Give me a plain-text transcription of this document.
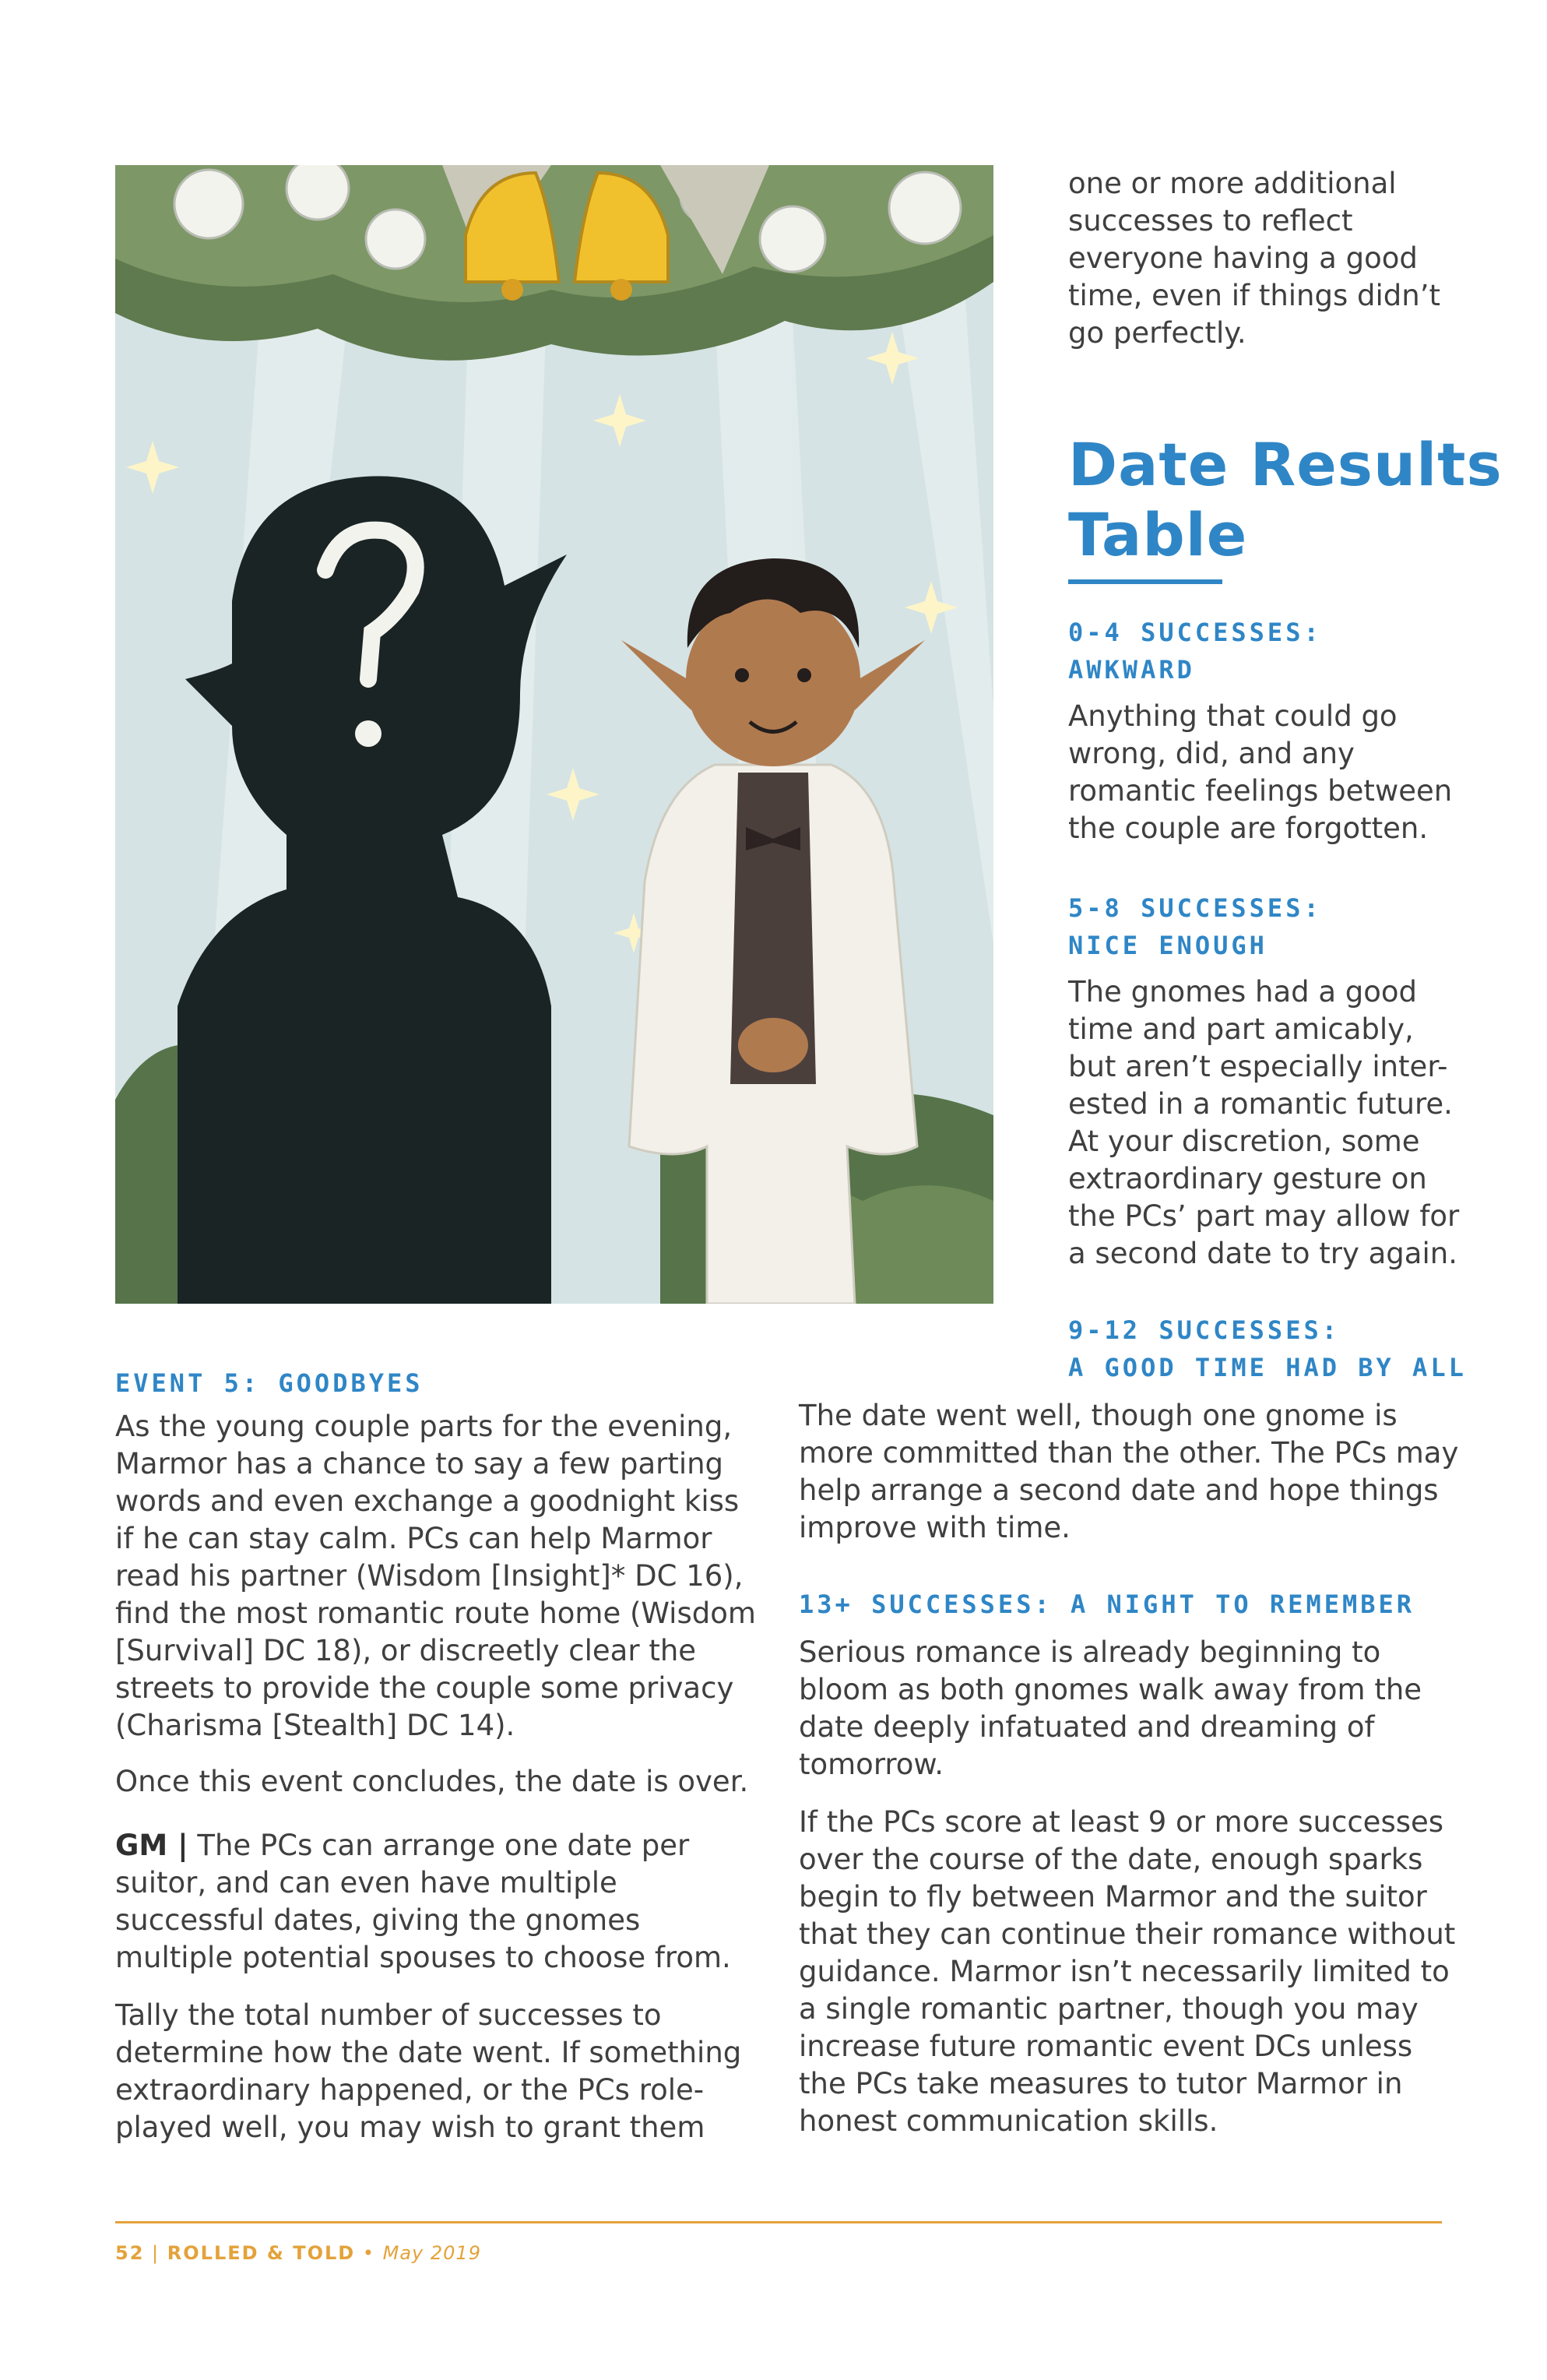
one or more additional successes to reflect everyone having a good time, even if things didn’t go perfectly.

Date Results Table

0-4 SUCCESSES:

AWKWARD

Anything that could go wrong, did, and any romantic feelings between the couple are forgotten.

5-8 SUCCESSES:

NICE ENOUGH

The gnomes had a good time and part amicably, but aren’t especially inter-ested in a romantic future. At your discretion, some extraordinary gesture on the PCs’ part may allow for a second date to try again.

9-12 SUCCESSES:

A GOOD TIME HAD BY ALL

EVENT 5: GOODBYES

As the young couple parts for the evening, Marmor has a chance to say a few parting words and even exchange a goodnight kiss if he can stay calm. PCs can help Marmor read his partner (Wisdom [Insight]* DC 16), find the most romantic route home (Wisdom [Survival] DC 18), or discreetly clear the streets to provide the couple some privacy (Charisma [Stealth] DC 14).

Once this event concludes, the date is over.

GM | The PCs can arrange one date per suitor, and can even have multiple successful dates, giving the gnomes multiple potential spouses to choose from.

Tally the total number of successes to determine how the date went. If something extraordinary happened, or the PCs role-played well, you may wish to grant them

The date went well, though one gnome is more committed than the other. The PCs may help arrange a second date and hope things improve with time.

13+ SUCCESSES: A NIGHT TO REMEMBER

Serious romance is already beginning to bloom as both gnomes walk away from the date deeply infatuated and dreaming of tomorrow.

If the PCs score at least 9 or more successes over the course of the date, enough sparks begin to fly between Marmor and the suitor that they can continue their romance without guidance. Marmor isn’t necessarily limited to a single romantic partner, though you may increase future romantic event DCs unless the PCs take measures to tutor Marmor in honest communication skills.

52 | ROLLED & TOLD • May 2019
